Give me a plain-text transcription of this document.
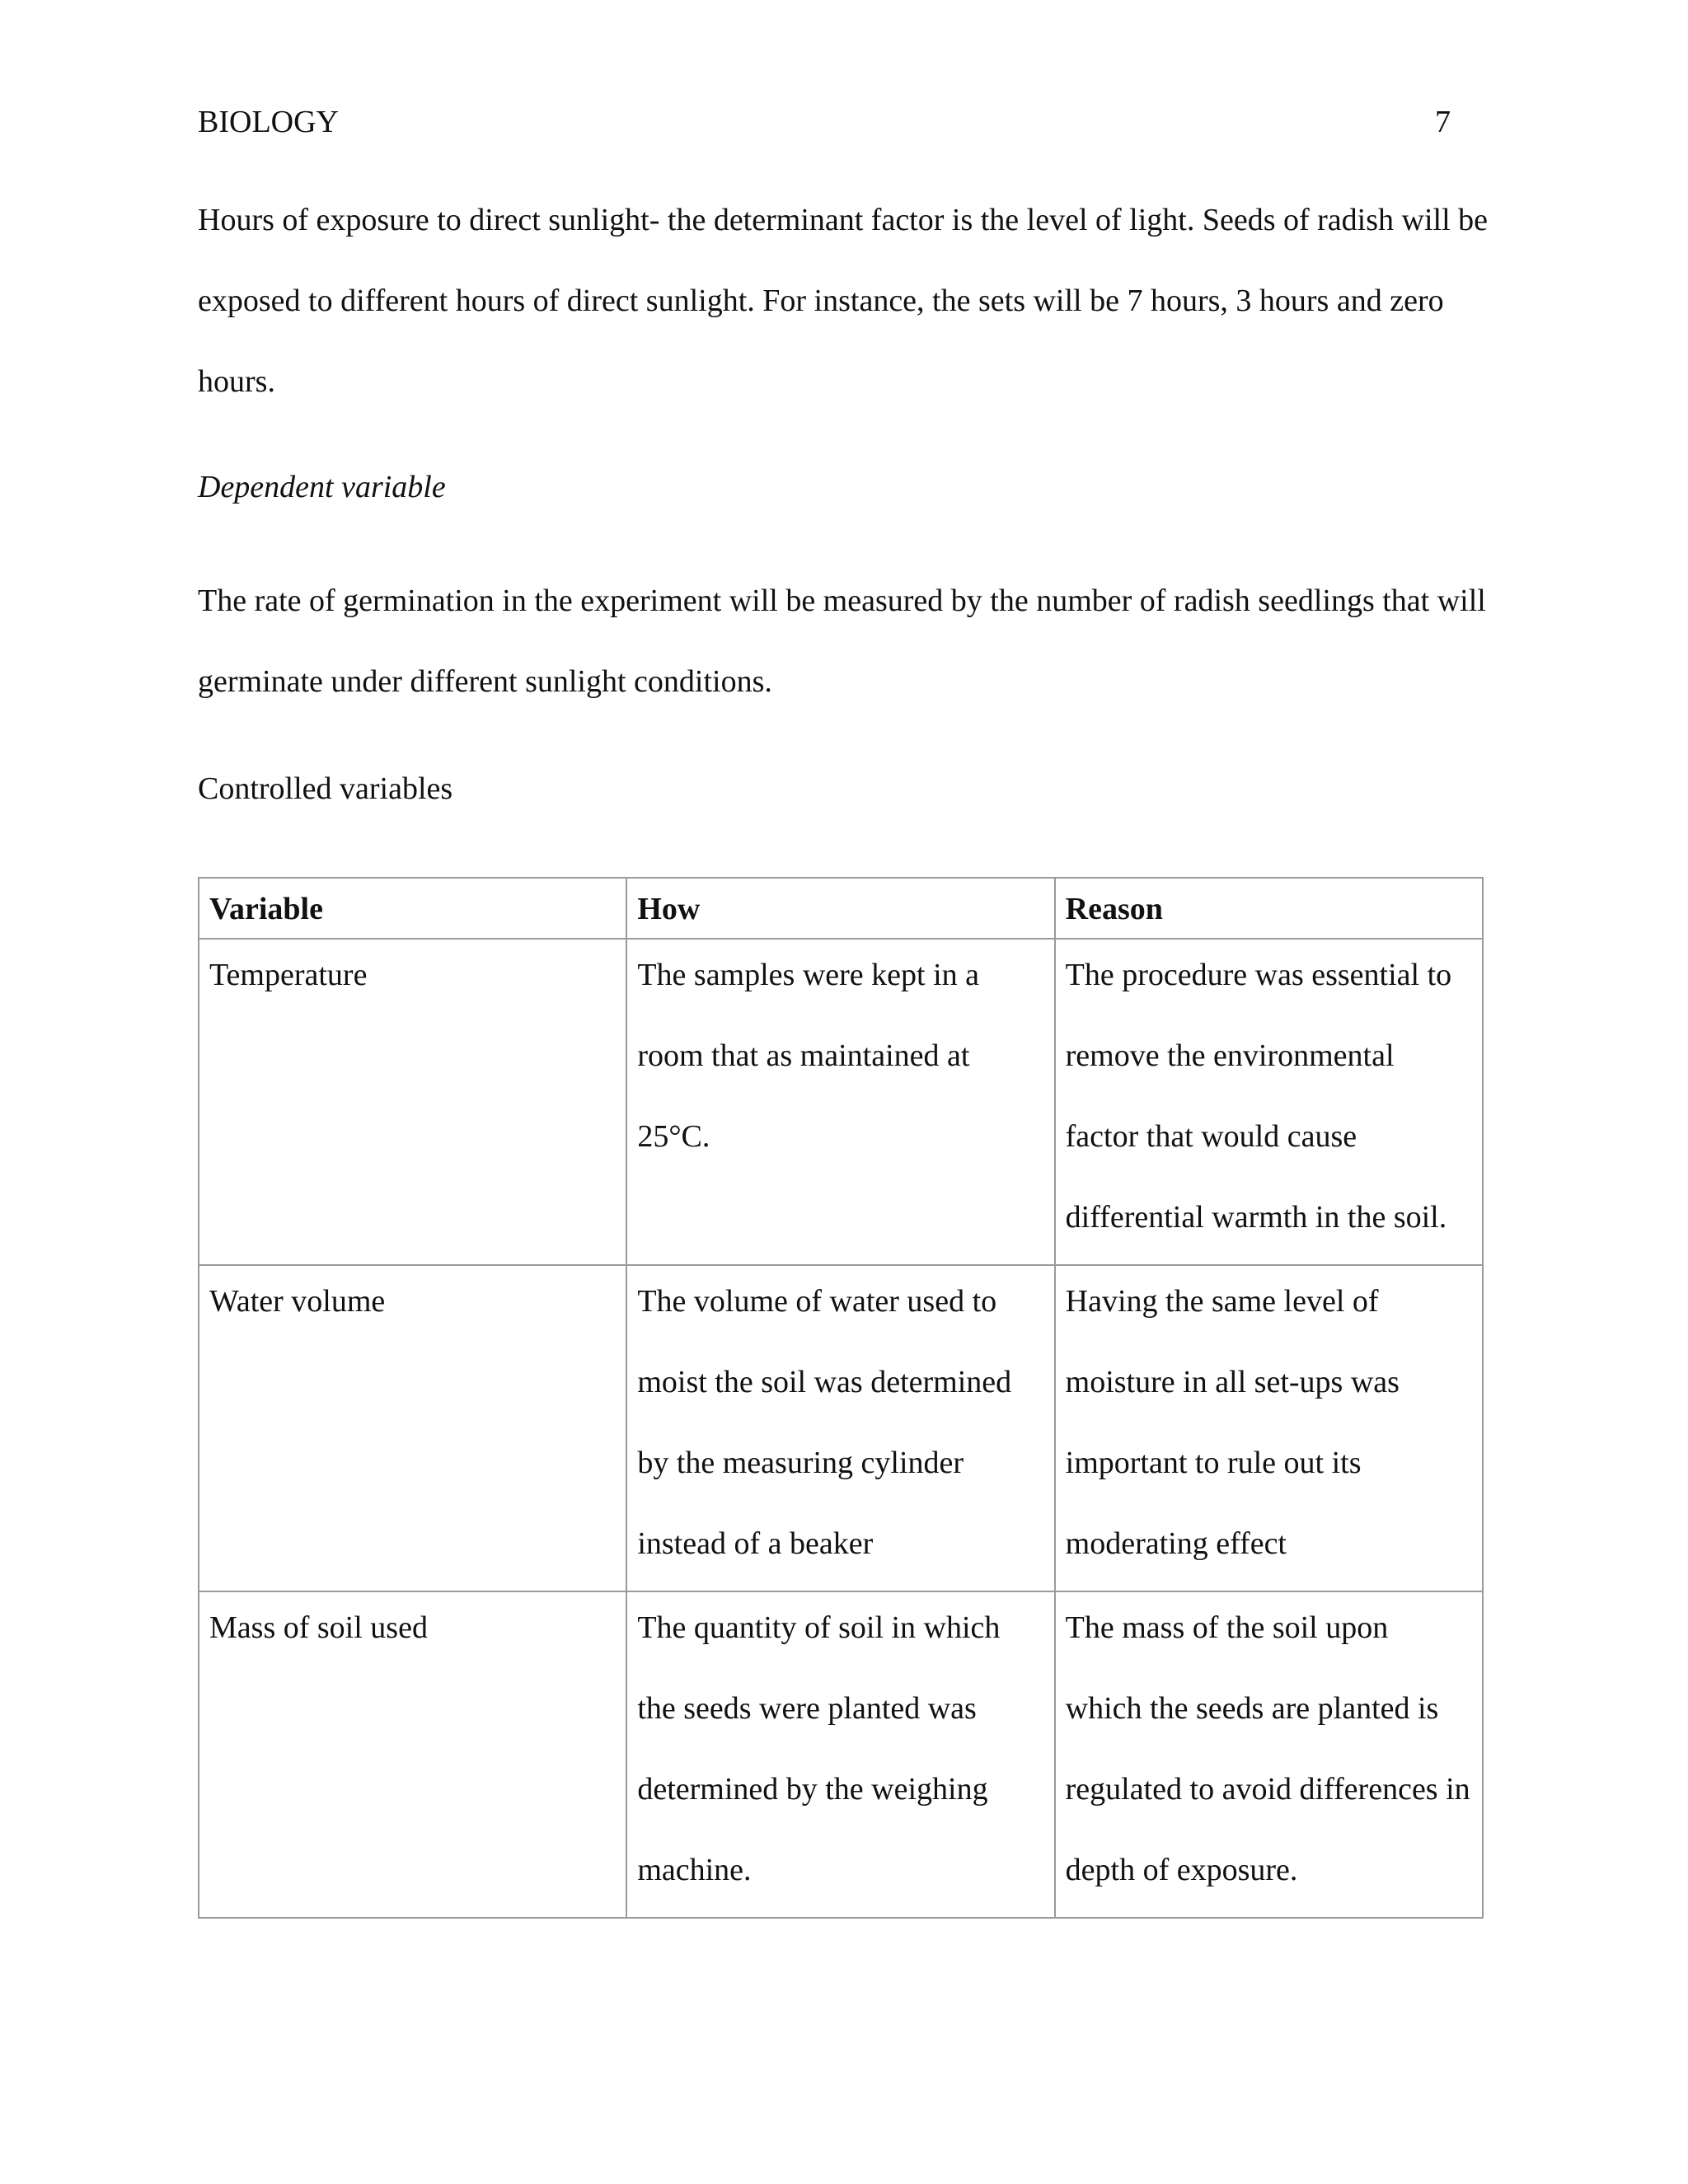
BIOLOGY	7

Hours of exposure to direct sunlight- the determinant factor is the level of light. Seeds of radish will be exposed to different hours of direct sunlight. For instance, the sets will be 7 hours, 3 hours and zero hours.

Dependent variable

The rate of germination in the experiment will be measured by the number of radish seedlings that will germinate under different sunlight conditions.

Controlled variables
Variable	How	Reason

Temperature	The samples were kept in a room that as maintained at 25°C.	The procedure was essential to remove the environmental factor that would cause differential warmth in the soil.

Water volume	The volume of water used to moist the soil was determined by the measuring cylinder instead of a beaker	Having the same level of moisture in all set-ups was important to rule out its moderating effect

Mass of soil used	The quantity of soil in which the seeds were planted was determined by the weighing machine.	The mass of the soil upon which the seeds are planted is regulated to avoid differences in depth of exposure.
